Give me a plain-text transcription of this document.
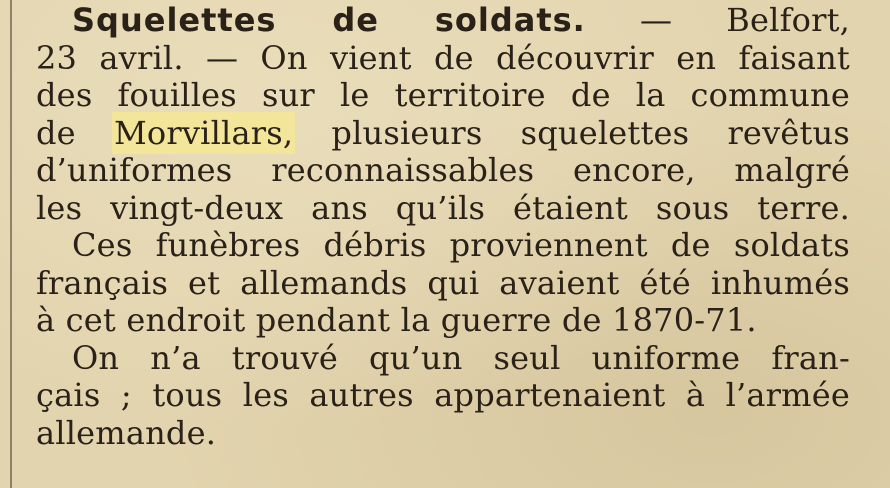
Squelettes de soldats. — Belfort,
23 avril. — On vient de découvrir en faisant
des fouilles sur le territoire de la commune
de Morvillars, plusieurs squelettes revêtus
d’uniformes reconnaissables encore, malgré
les vingt-deux ans qu’ils étaient sous terre.
Ces funèbres débris proviennent de soldats
français et allemands qui avaient été inhumés
à cet endroit pendant la guerre de 1870-71.
On n’a trouvé qu’un seul uniforme fran-
çais ; tous les autres appartenaient à l’armée
allemande.
